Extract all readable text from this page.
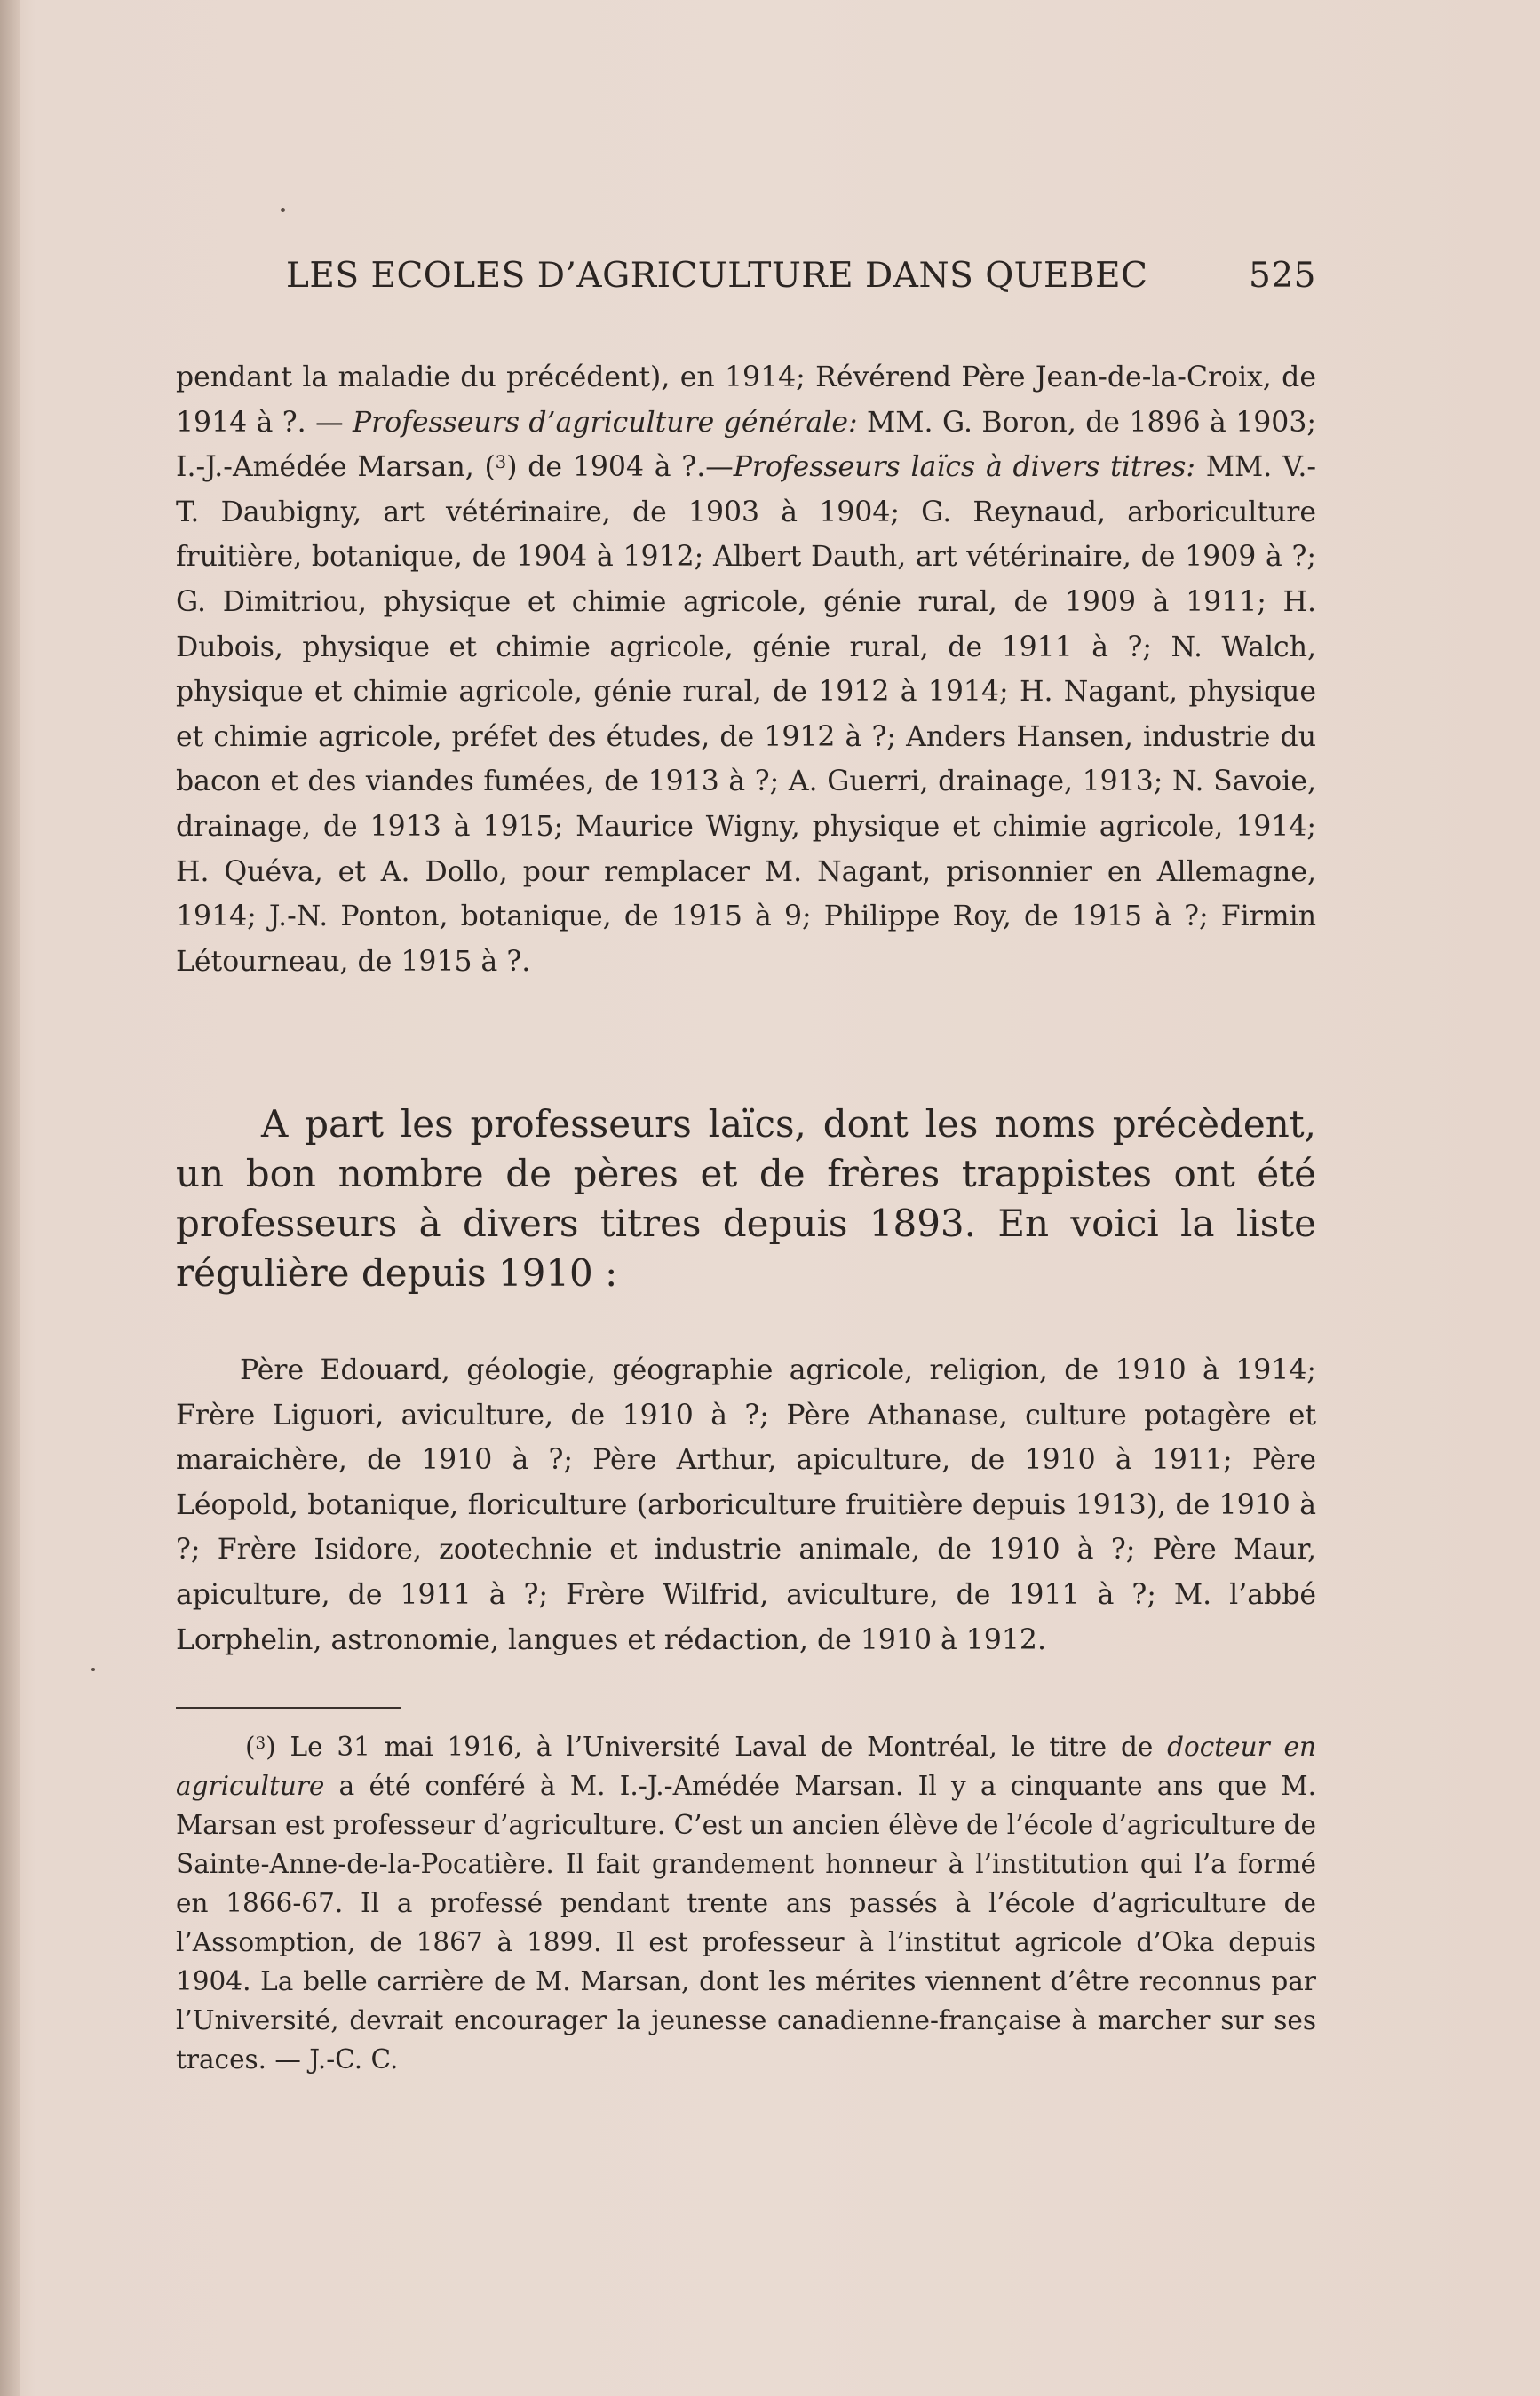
LES ECOLES D’AGRICULTURE DANS QUEBEC	525

pendant la maladie du précédent), en 1914; Révérend Père Jean-de-la-Croix, de 1914 à ?. — Professeurs d’agriculture générale: MM. G. Boron, de 1896 à 1903; I.-J.-Amédée Marsan, ($^3$) de 1904 à ?.—Professeurs laïcs à divers titres: MM. V.-T. Daubigny, art vétérinaire, de 1903 à 1904; G. Reynaud, arboriculture fruitière, botanique, de 1904 à 1912; Albert Dauth, art vétérinaire, de 1909 à ?; G. Dimitriou, physique et chimie agricole, génie rural, de 1909 à 1911; H. Dubois, physique et chimie agricole, génie rural, de 1911 à ?; N. Walch, physique et chimie agricole, génie rural, de 1912 à 1914; H. Nagant, physique et chimie agricole, préfet des études, de 1912 à ?; Anders Hansen, industrie du bacon et des viandes fumées, de 1913 à ?; A. Guerri, drainage, 1913; N. Savoie, drainage, de 1913 à 1915; Maurice Wigny, physique et chimie agricole, 1914; H. Quéva, et A. Dollo, pour remplacer M. Nagant, prisonnier en Allemagne, 1914; J.-N. Ponton, botanique, de 1915 à 9; Philippe Roy, de 1915 à ?; Firmin Létourneau, de 1915 à ?.

A part les professeurs laïcs, dont les noms précèdent, un bon nombre de pères et de frères trappistes ont été professeurs à divers titres depuis 1893. En voici la liste régulière depuis 1910 :

Père Edouard, géologie, géographie agricole, religion, de 1910 à 1914; Frère Liguori, aviculture, de 1910 à ?; Père Athanase, culture potagère et maraichère, de 1910 à ?; Père Arthur, apiculture, de 1910 à 1911; Père Léopold, botanique, floriculture (arboriculture fruitière depuis 1913), de 1910 à ?; Frère Isidore, zootechnie et industrie animale, de 1910 à ?; Père Maur, apiculture, de 1911 à ?; Frère Wilfrid, aviculture, de 1911 à ?; M. l’abbé Lorphelin, astronomie, langues et rédaction, de 1910 à 1912.

($^3$) Le 31 mai 1916, à l’Université Laval de Montréal, le titre de docteur en agriculture a été conféré à M. I.-J.-Amédée Marsan. Il y a cinquante ans que M. Marsan est professeur d’agriculture. C’est un ancien élève de l’école d’agriculture de Sainte-Anne-de-la-Pocatière. Il fait grandement honneur à l’institution qui l’a formé en 1866-67. Il a professé pendant trente ans passés à l’école d’agriculture de l’Assomption, de 1867 à 1899. Il est professeur à l’institut agricole d’Oka depuis 1904. La belle carrière de M. Marsan, dont les mérites viennent d’être reconnus par l’Université, devrait encourager la jeunesse canadienne-française à marcher sur ses traces. — J.-C. C.
